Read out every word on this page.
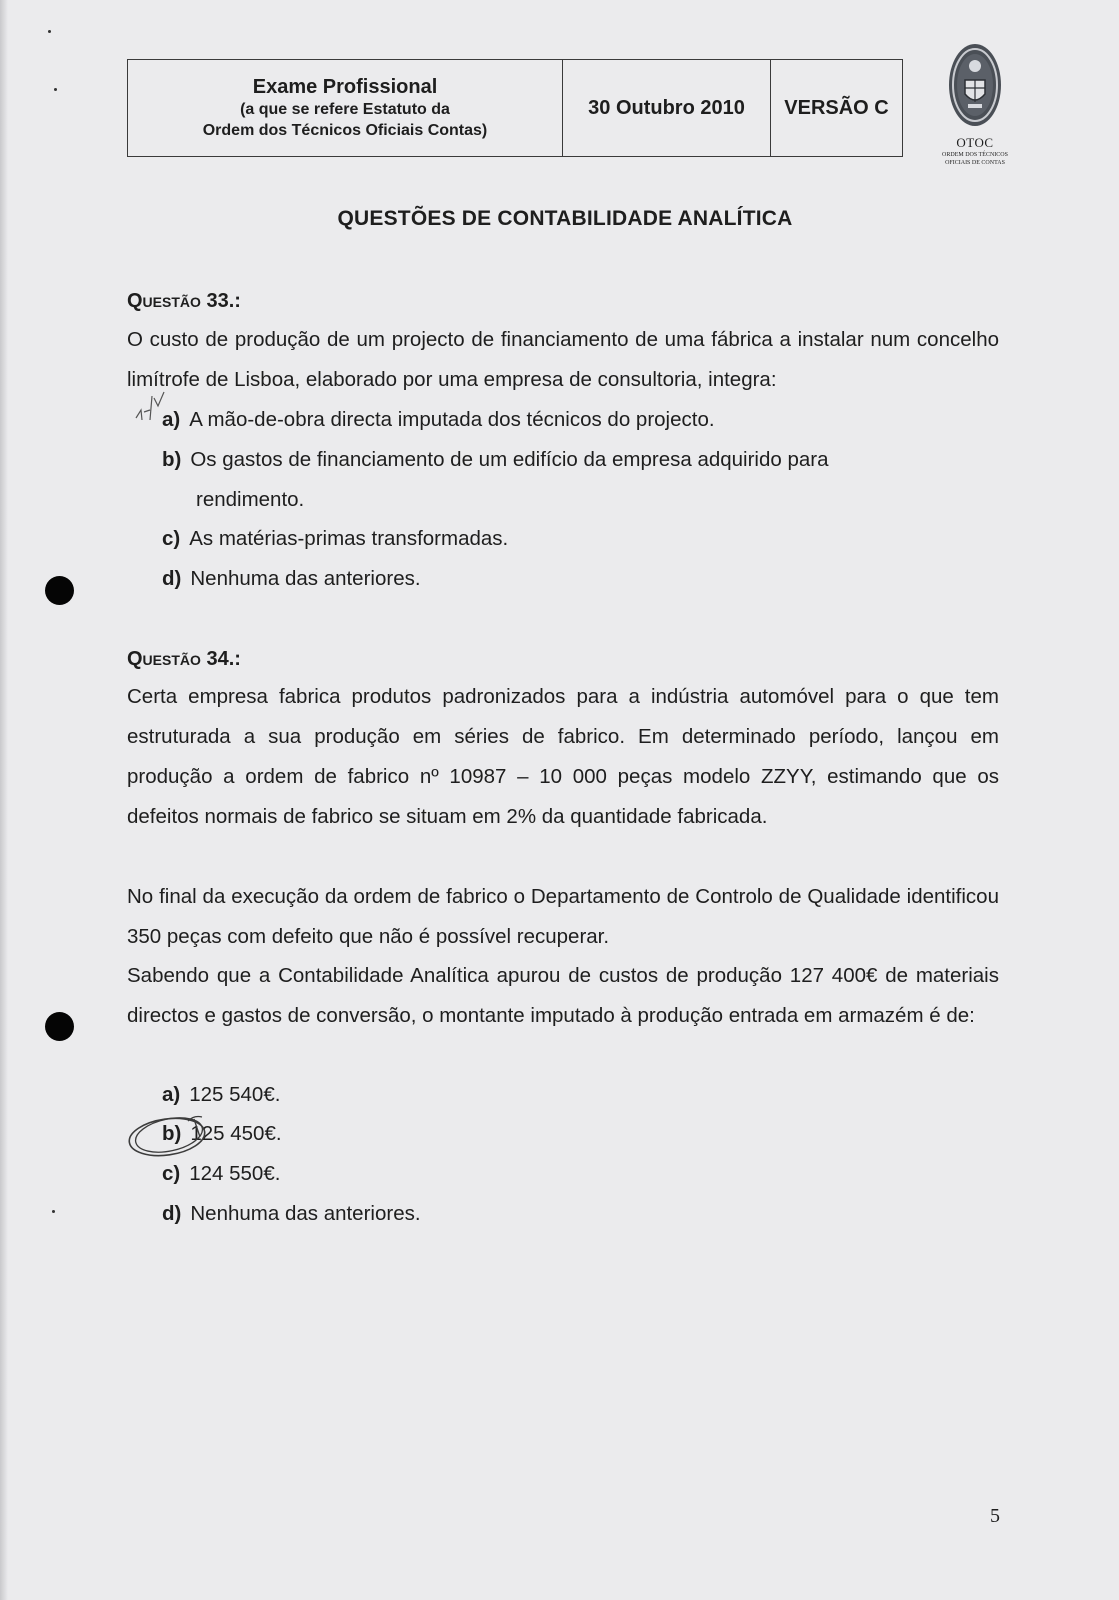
Exame Profissional
(a que se refere Estatuto da
Ordem dos Técnicos Oficiais Contas)
30 Outubro 2010 VERSÃO C
OTOC
ORDEM DOS TÉCNICOS
OFICIAIS DE CONTAS
QUESTÕES DE CONTABILIDADE ANALÍTICA
Questão 33.:
O custo de produção de um projecto de financiamento de uma fábrica a instalar num concelho limítrofe de Lisboa, elaborado por uma empresa de consultoria, integra:
a) A mão-de-obra directa imputada dos técnicos do projecto.
b) Os gastos de financiamento de um edifício da empresa adquirido para
rendimento.
c) As matérias-primas transformadas.
d) Nenhuma das anteriores.
Questão 34.:
Certa empresa fabrica produtos padronizados para a indústria automóvel para o que tem estruturada a sua produção em séries de fabrico. Em determinado período, lançou em produção a ordem de fabrico nº 10987 – 10 000 peças modelo ZZYY, estimando que os defeitos normais de fabrico se situam em 2% da quantidade fabricada.
No final da execução da ordem de fabrico o Departamento de Controlo de Qualidade identificou 350 peças com defeito que não é possível recuperar.
Sabendo que a Contabilidade Analítica apurou de custos de produção 127 400€ de materiais directos e gastos de conversão, o montante imputado à produção entrada em armazém é de:
a) 125 540€.
b) 125 450€.
c) 124 550€.
d) Nenhuma das anteriores.
5
